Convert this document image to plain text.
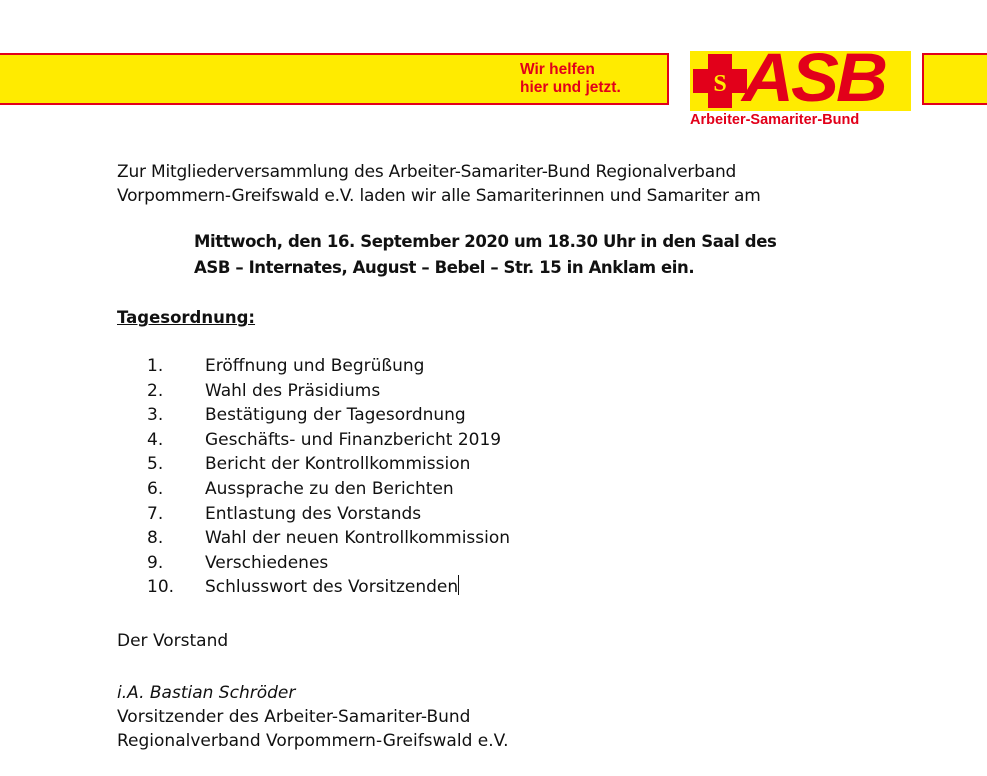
Wir helfen
hier und jetzt.	S ASB

Arbeiter-Samariter-Bund

Zur Mitgliederversammlung des Arbeiter-Samariter-Bund Regionalverband

Vorpommern-Greifswald e.V. laden wir alle Samariterinnen und Samariter am

Mittwoch, den 16. September 2020 um 18.30 Uhr in den Saal des

ASB – Internates, August – Bebel – Str. 15 in Anklam ein.

Tagesordnung:

1.	Eröffnung und Begrüßung
2.	Wahl des Präsidiums
3.	Bestätigung der Tagesordnung
4.	Geschäfts- und Finanzbericht 2019
5.	Bericht der Kontrollkommission
6.	Aussprache zu den Berichten
7.	Entlastung des Vorstands
8.	Wahl der neuen Kontrollkommission
9.	Verschiedenes
10.	Schlusswort des Vorsitzenden

Der Vorstand

i.A. Bastian Schröder

Vorsitzender des Arbeiter-Samariter-Bund

Regionalverband Vorpommern-Greifswald e.V.
